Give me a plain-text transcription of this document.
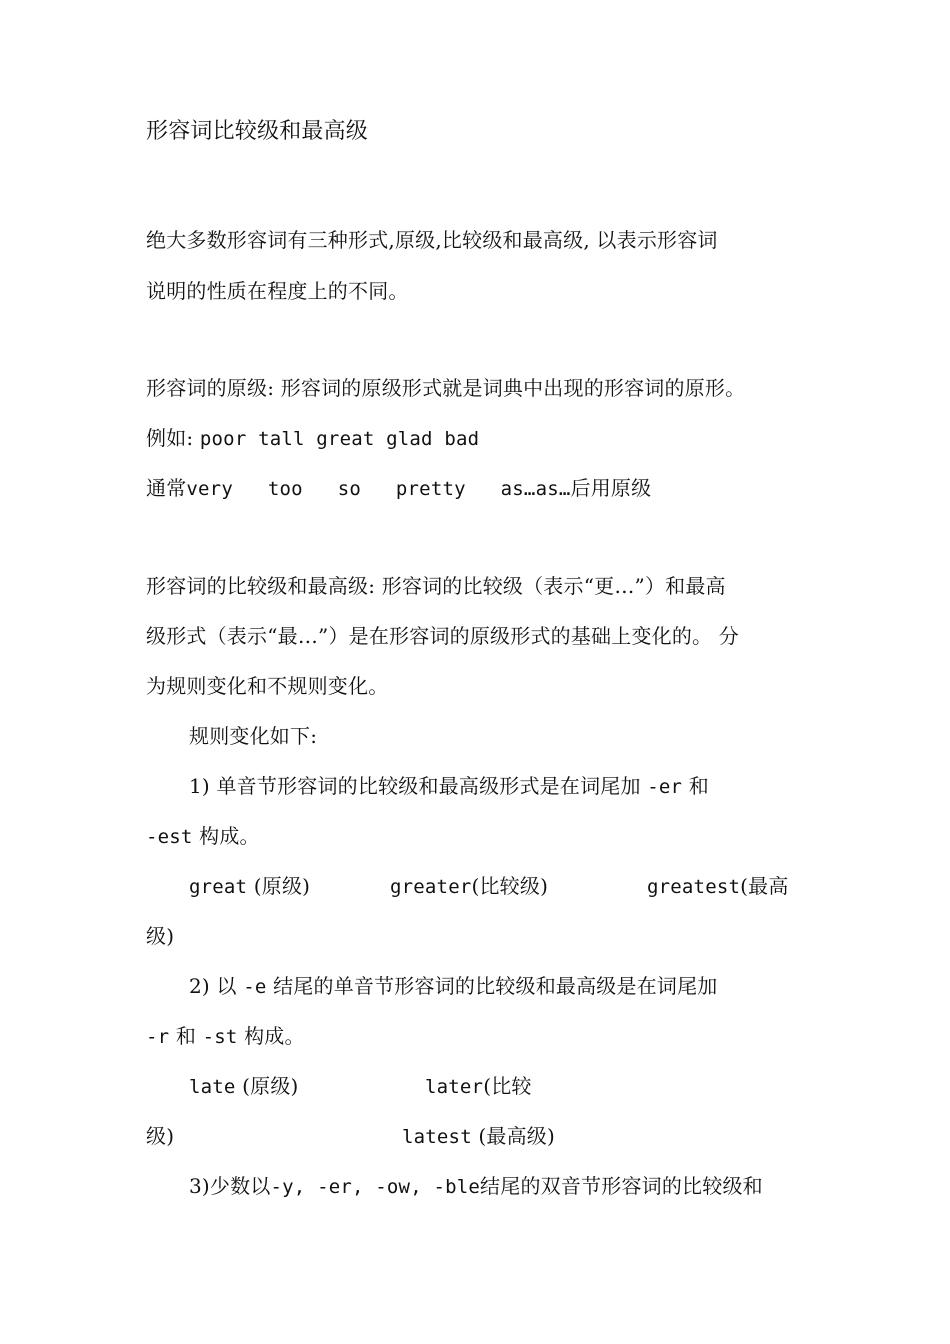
形容词比较级和最高级
绝大多数形容词有三种形式,原级,比较级和最高级, 以表示形容词
说明的性质在程度上的不同。
形容词的原级: 形容词的原级形式就是词典中出现的形容词的原形。
例如: poor tall great glad bad
通常very   too   so   pretty   as…as…后用原级
形容词的比较级和最高级: 形容词的比较级（表示“更…”）和最高
级形式（表示“最…”）是在形容词的原级形式的基础上变化的。 分
为规则变化和不规则变化。
规则变化如下:
1) 单音节形容词的比较级和最高级形式是在词尾加 -er 和
-est 构成。
great (原级)	greater(比较级)	greatest(最高
级)
2) 以 -e 结尾的单音节形容词的比较级和最高级是在词尾加
-r 和 -st 构成。
late (原级)	later(比较
级)	latest (最高级)
3)少数以-y, -er, -ow, -ble结尾的双音节形容词的比较级和
